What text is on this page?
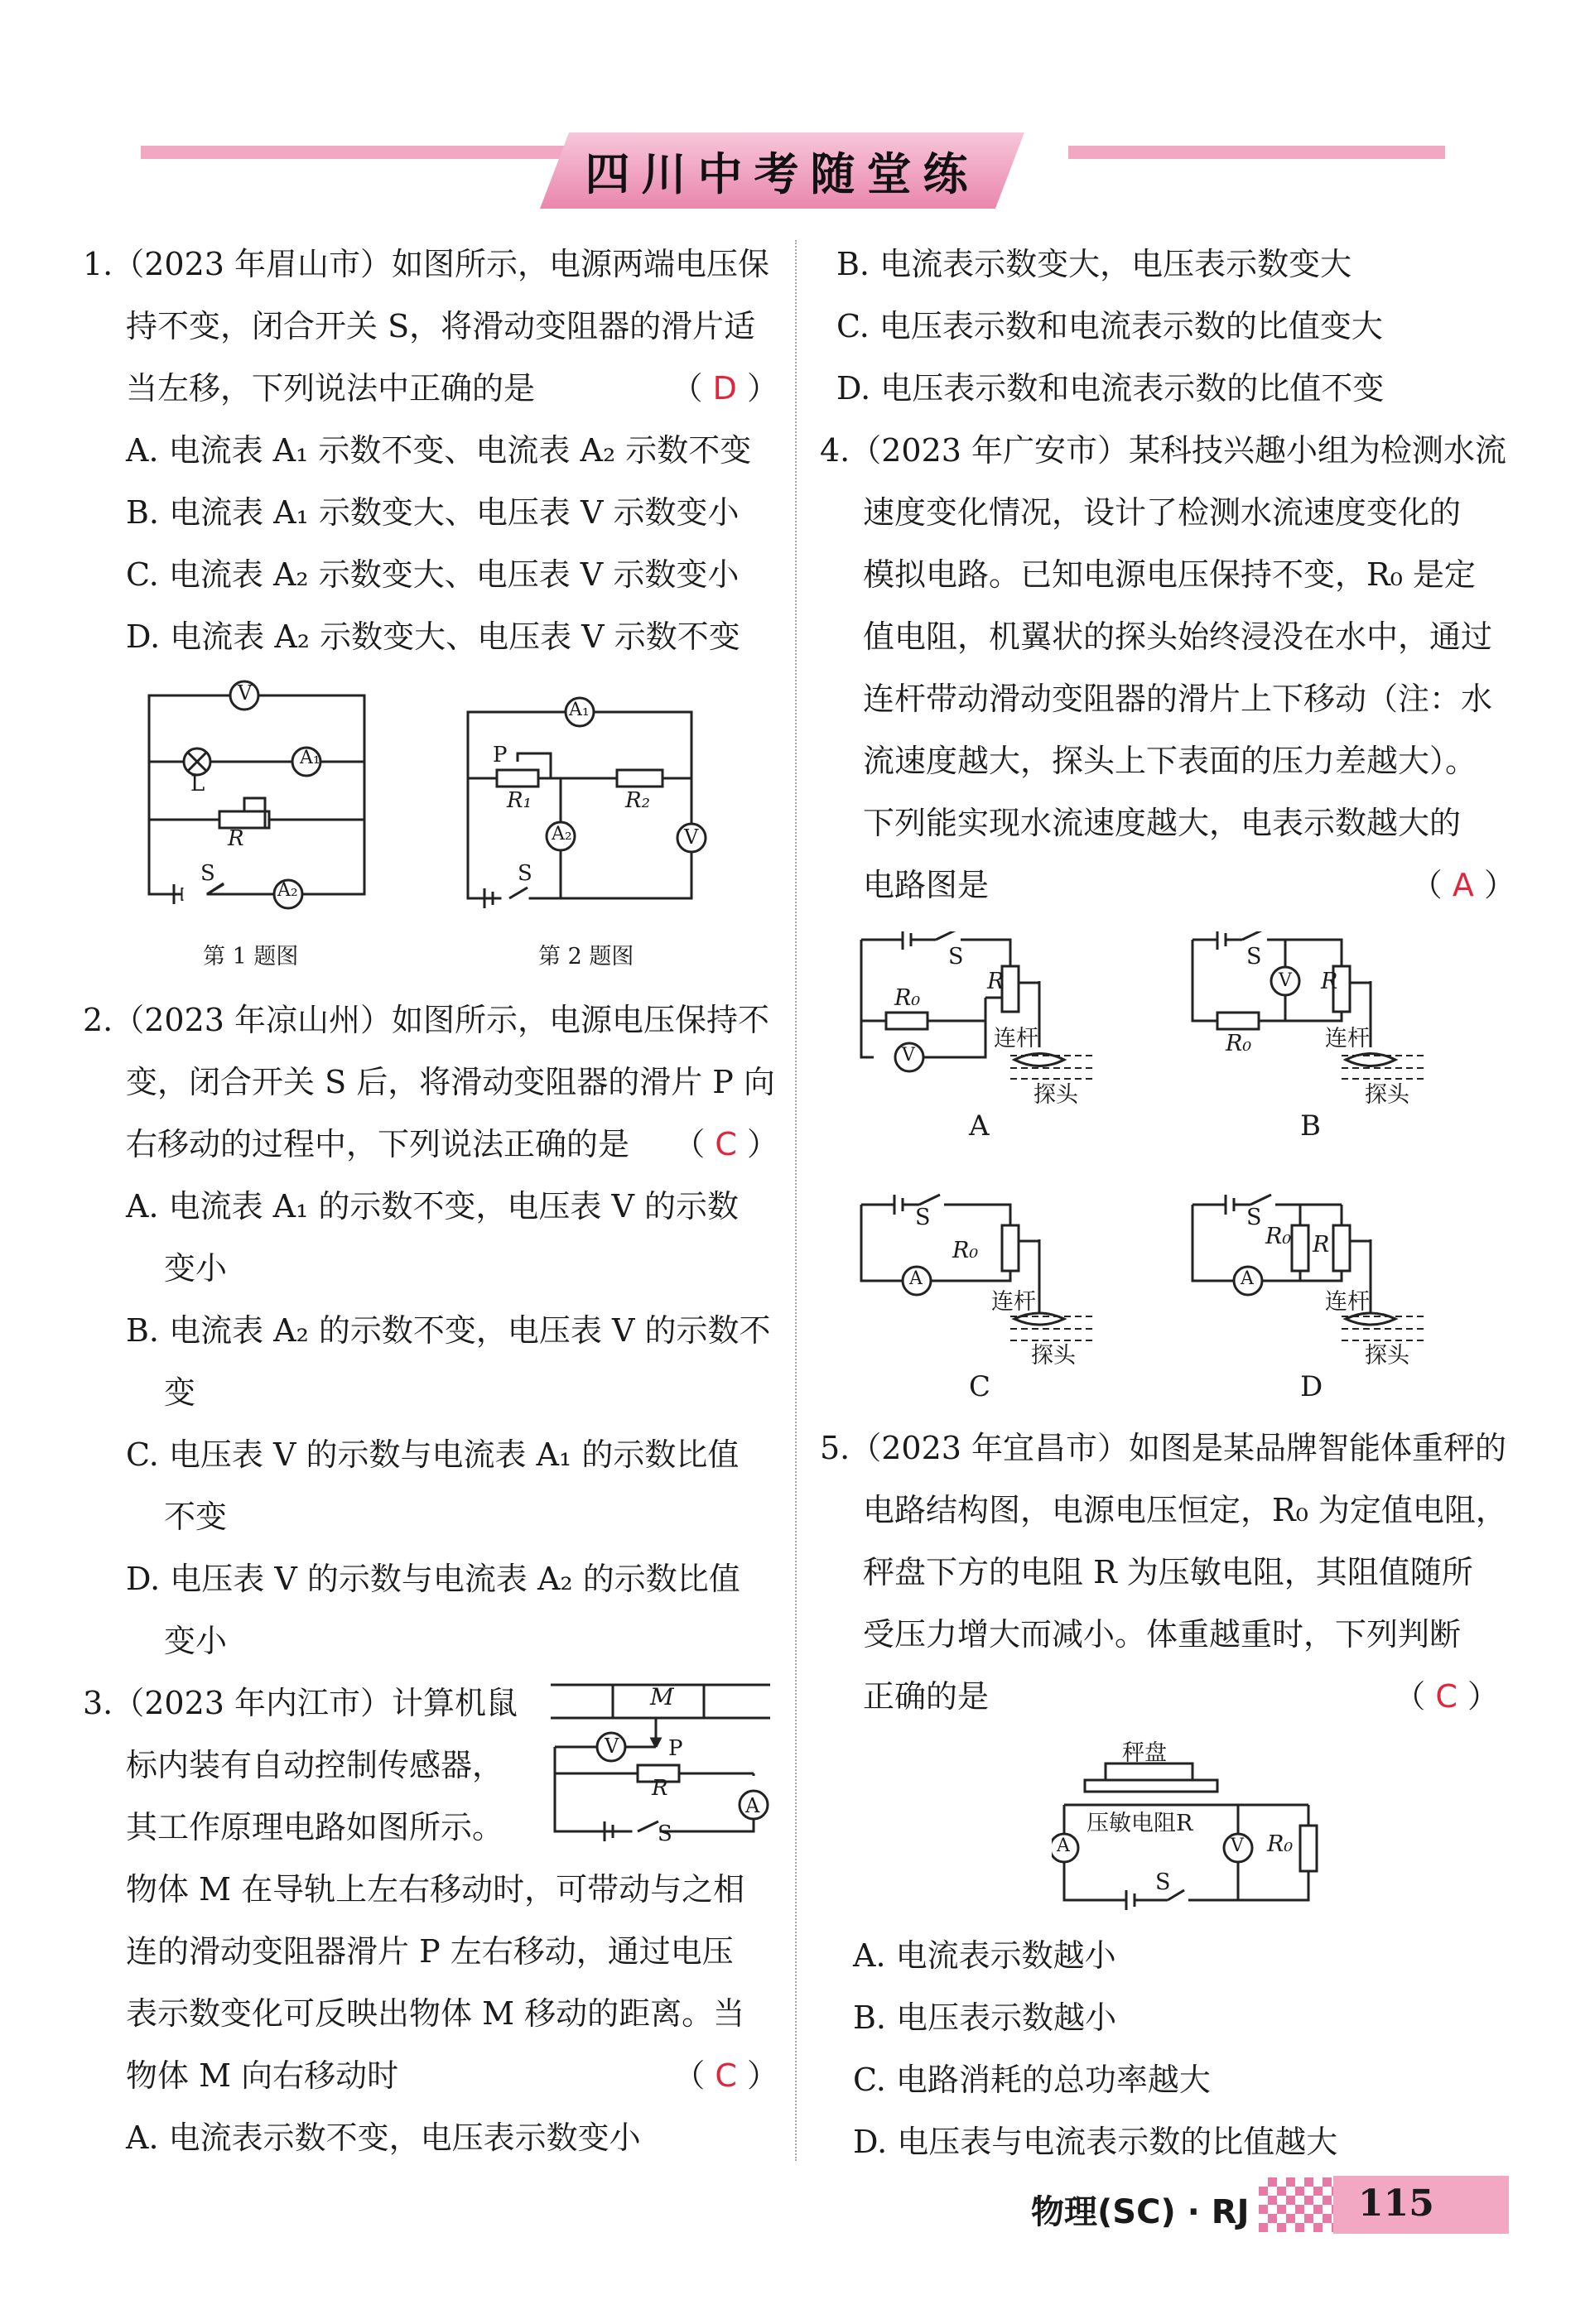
四川中考随堂练
1.（2023 年眉山市）如图所示，电源两端电压保
持不变，闭合开关 S，将滑动变阻器的滑片适
当左移，下列说法中正确的是	（ D ）
A. 电流表 A₁ 示数不变、电流表 A₂ 示数不变
B. 电流表 A₁ 示数变大、电压表 V 示数变小
C. 电流表 A₂ 示数变大、电压表 V 示数变小
D. 电流表 A₂ 示数变大、电压表 V 示数不变
V
A₁
L
R
S
A₂
第 1 题图
A₁
P
R₁	R₂
A₂	V
S
第 2 题图
2.（2023 年凉山州）如图所示，电源电压保持不
变，闭合开关 S 后，将滑动变阻器的滑片 P 向
右移动的过程中，下列说法正确的是 （ C ）
A. 电流表 A₁ 的示数不变，电压表 V 的示数
变小
B. 电流表 A₂ 的示数不变，电压表 V 的示数不
变
C. 电压表 V 的示数与电流表 A₁ 的示数比值
不变
D. 电压表 V 的示数与电流表 A₂ 的示数比值
变小
3.（2023 年内江市）计算机鼠
标内装有自动控制传感器，
其工作原理电路如图所示。
物体 M 在导轨上左右移动时，可带动与之相
连的滑动变阻器滑片 P 左右移动，通过电压
表示数变化可反映出物体 M 移动的距离。当
物体 M 向右移动时	（ C ）
A. 电流表示数不变，电压表示数变小
M
V P
R
A
S
B. 电流表示数变大，电压表示数变大
C. 电压表示数和电流表示数的比值变大
D. 电压表示数和电流表示数的比值不变
4.（2023 年广安市）某科技兴趣小组为检测水流
速度变化情况，设计了检测水流速度变化的
模拟电路。已知电源电压保持不变，R₀ 是定
值电阻，机翼状的探头始终浸没在水中，通过
连杆带动滑动变阻器的滑片上下移动（注：水
流速度越大，探头上下表面的压力差越大）。
下列能实现水流速度越大，电表示数越大的
电路图是	（ A ）
S
R₀
R
V
连杆
探头
A
S
V R
R₀	连杆
探头
B
S
R₀
A
连杆
探头
C
S
R₀ R
A
连杆
探头
D
5.（2023 年宜昌市）如图是某品牌智能体重秤的
电路结构图，电源电压恒定，R₀ 为定值电阻，
秤盘下方的电阻 R 为压敏电阻，其阻值随所
受压力增大而减小。体重越重时，下列判断
正确的是	（ C ）
秤盘
压敏电阻R
A	V R₀
S
A. 电流表示数越小
B. 电压表示数越小
C. 电路消耗的总功率越大
D. 电压表与电流表示数的比值越大
物理(SC) · RJ	115
